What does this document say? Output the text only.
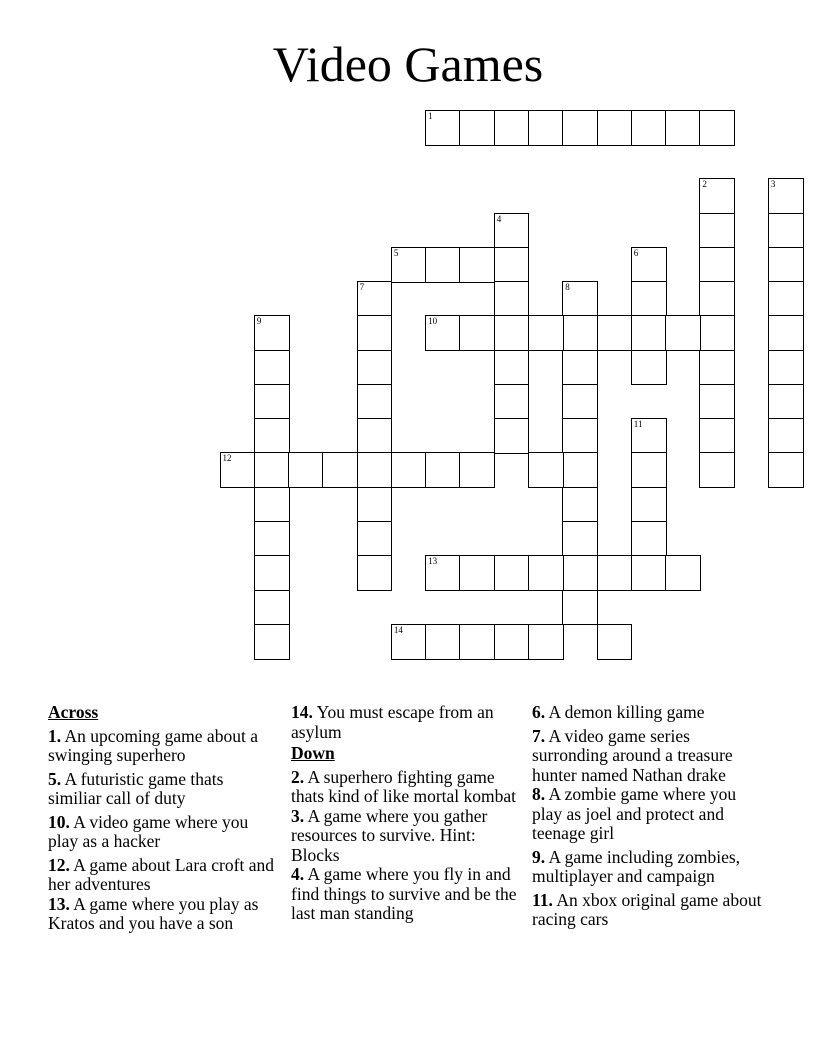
Video Games
1
2	3
4
5	6
7	8
9	10
11
12
13
14
Across
1. An upcoming game about a swinging superhero
5. A futuristic game thats similiar call of duty
10. A video game where you play as a hacker
12. A game about Lara croft and her adventures
13. A game where you play as Kratos and you have a son
14. You must escape from an asylum
Down
2. A superhero fighting game thats kind of like mortal kombat
3. A game where you gather resources to survive. Hint: Blocks
4. A game where you fly in and find things to survive and be the last man standing
6. A demon killing game
7. A video game series surronding around a treasure hunter named Nathan drake
8. A zombie game where you play as joel and protect and teenage girl
9. A game including zombies, multiplayer and campaign
11. An xbox original game about racing cars
